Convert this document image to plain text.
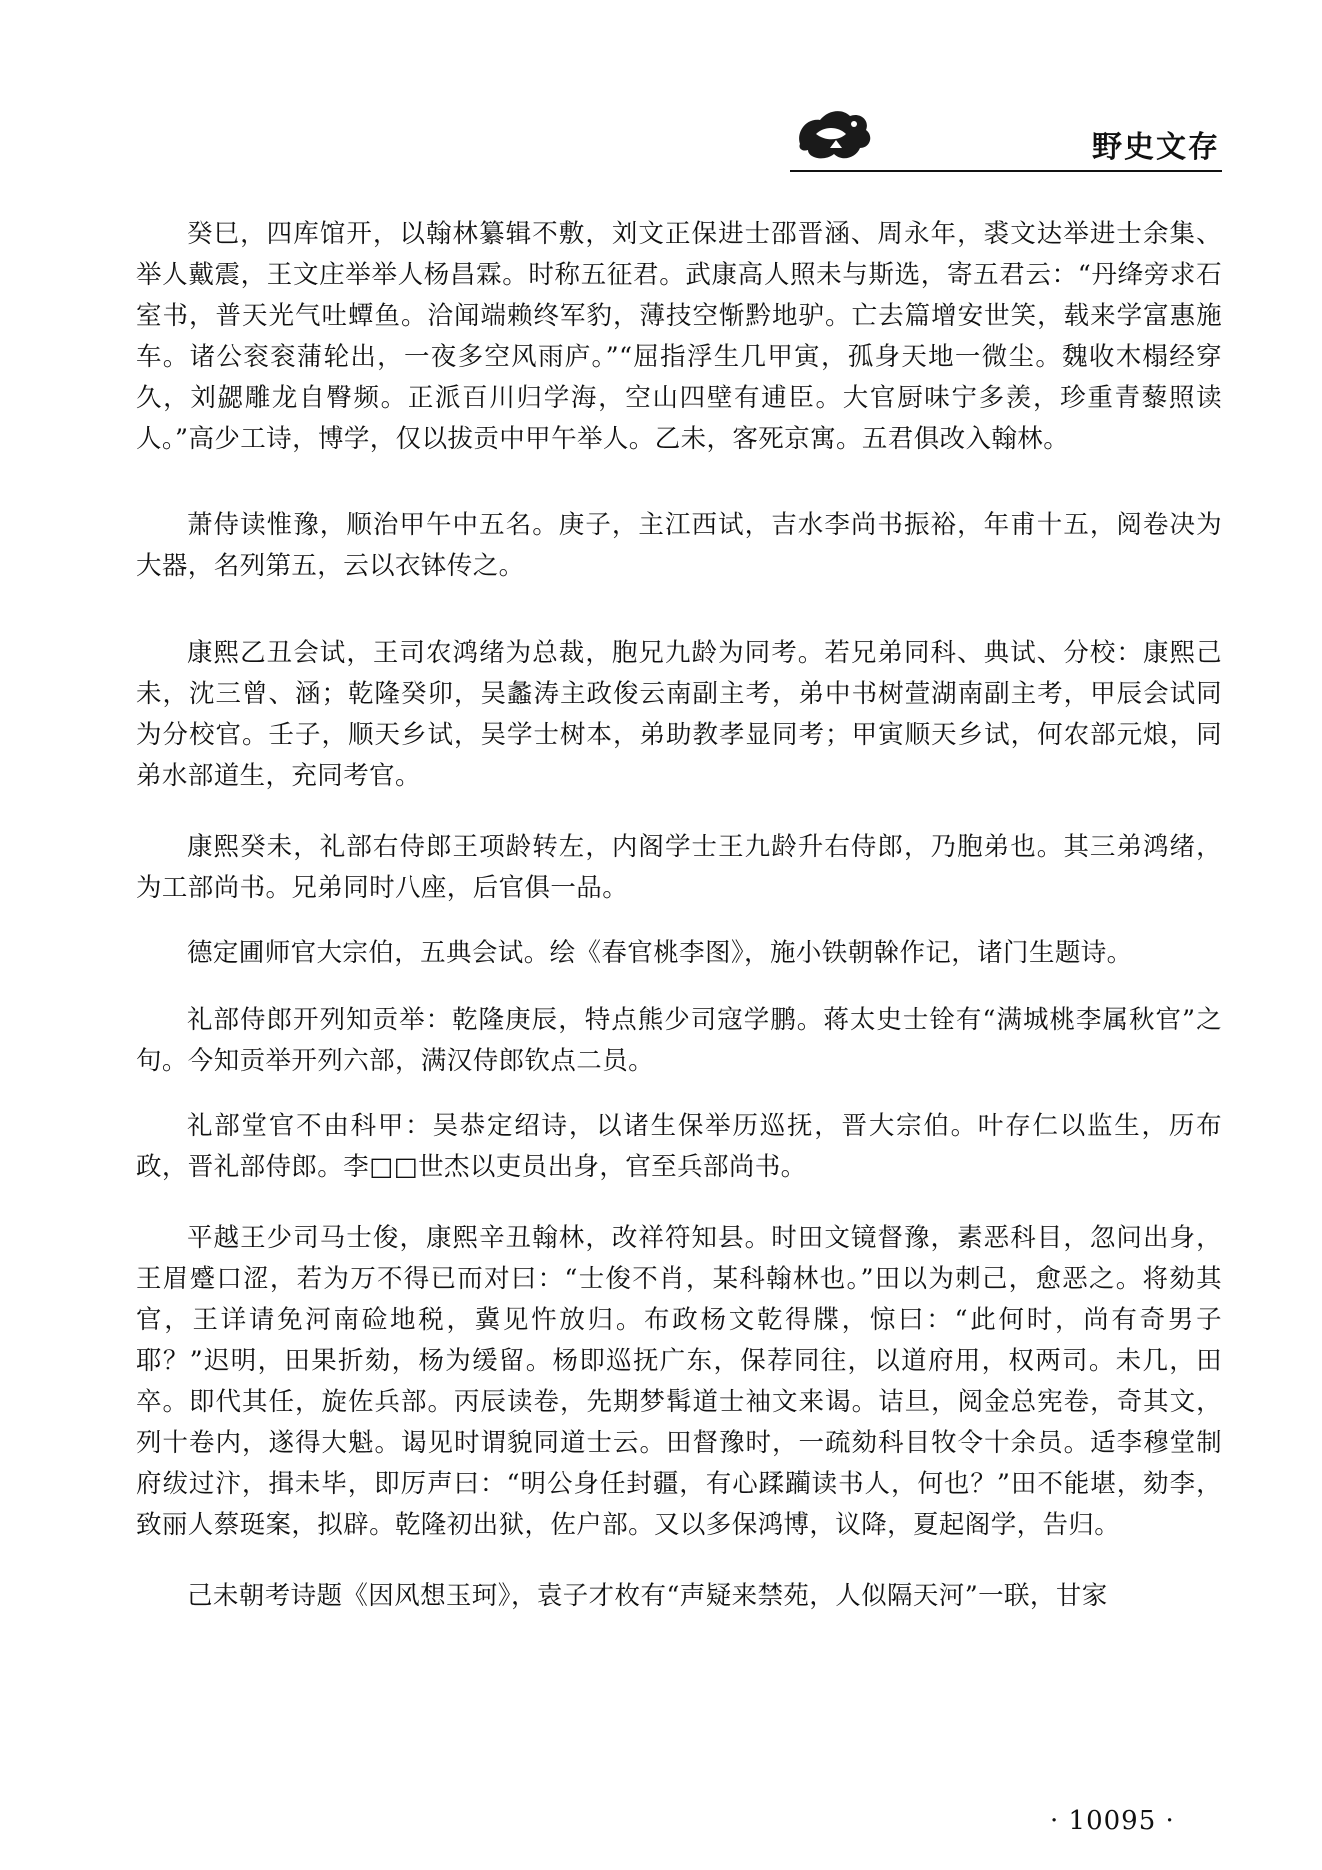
野史文存

癸巳，四库馆开，以翰林纂辑不敷，刘文正保进士邵晋涵、周永年，裘文达举进士余集、举人戴震，王文庄举举人杨昌霖。时称五征君。武康高人照未与斯选，寄五君云：“丹绛旁求石室书，普天光气吐蟫鱼。洽闻端赖终军豹，薄技空惭黔地驴。亡去篇增安世笑，载来学富惠施车。诸公衮衮蒲轮出，一夜多空风雨庐。”“屈指浮生几甲寅，孤身天地一微尘。魏收木榻经穿久，刘勰雕龙自臀频。正派百川归学海，空山四壁有逋臣。大官厨味宁多羡，珍重青藜照读人。”高少工诗，博学，仅以拔贡中甲午举人。乙未，客死京寓。五君俱改入翰林。

萧侍读惟豫，顺治甲午中五名。庚子，主江西试，吉水李尚书振裕，年甫十五，阅卷决为大器，名列第五，云以衣钵传之。

康熙乙丑会试，王司农鸿绪为总裁，胞兄九龄为同考。若兄弟同科、典试、分校：康熙己未，沈三曾、涵；乾隆癸卯，吴蠡涛主政俊云南副主考，弟中书树萱湖南副主考，甲辰会试同为分校官。壬子，顺天乡试，吴学士树本，弟助教孝显同考；甲寅顺天乡试，何农部元烺，同弟水部道生，充同考官。

康熙癸未，礼部右侍郎王项龄转左，内阁学士王九龄升右侍郎，乃胞弟也。其三弟鸿绪，为工部尚书。兄弟同时八座，后官俱一品。

德定圃师官大宗伯，五典会试。绘《春官桃李图》，施小铁朝榦作记，诸门生题诗。

礼部侍郎开列知贡举：乾隆庚辰，特点熊少司寇学鹏。蒋太史士铨有“满城桃李属秋官”之句。今知贡举开列六部，满汉侍郎钦点二员。

礼部堂官不由科甲：吴恭定绍诗，以诸生保举历巡抚，晋大宗伯。叶存仁以监生，历布政，晋礼部侍郎。李□□世杰以吏员出身，官至兵部尚书。

平越王少司马士俊，康熙辛丑翰林，改祥符知县。时田文镜督豫，素恶科目，忽问出身，王眉蹙口涩，若为万不得已而对曰：“士俊不肖，某科翰林也。”田以为刺己，愈恶之。将劾其官，王详请免河南硷地税，冀见忤放归。布政杨文乾得牒，惊曰：“此何时，尚有奇男子耶？”迟明，田果折劾，杨为缓留。杨即巡抚广东，保荐同往，以道府用，权两司。未几，田卒。即代其任，旋佐兵部。丙辰读卷，先期梦髯道士袖文来谒。诘旦，阅金总宪卷，奇其文，列十卷内，遂得大魁。谒见时谓貌同道士云。田督豫时，一疏劾科目牧令十余员。适李穆堂制府绂过汴，揖未毕，即厉声曰：“明公身任封疆，有心蹂躏读书人，何也？”田不能堪，劾李，致丽人蔡珽案，拟辟。乾隆初出狱，佐户部。又以多保鸿博，议降，夏起阁学，告归。

己未朝考诗题《因风想玉珂》，袁子才枚有“声疑来禁苑，人似隔天河”一联，甘家

· 10095 ·
